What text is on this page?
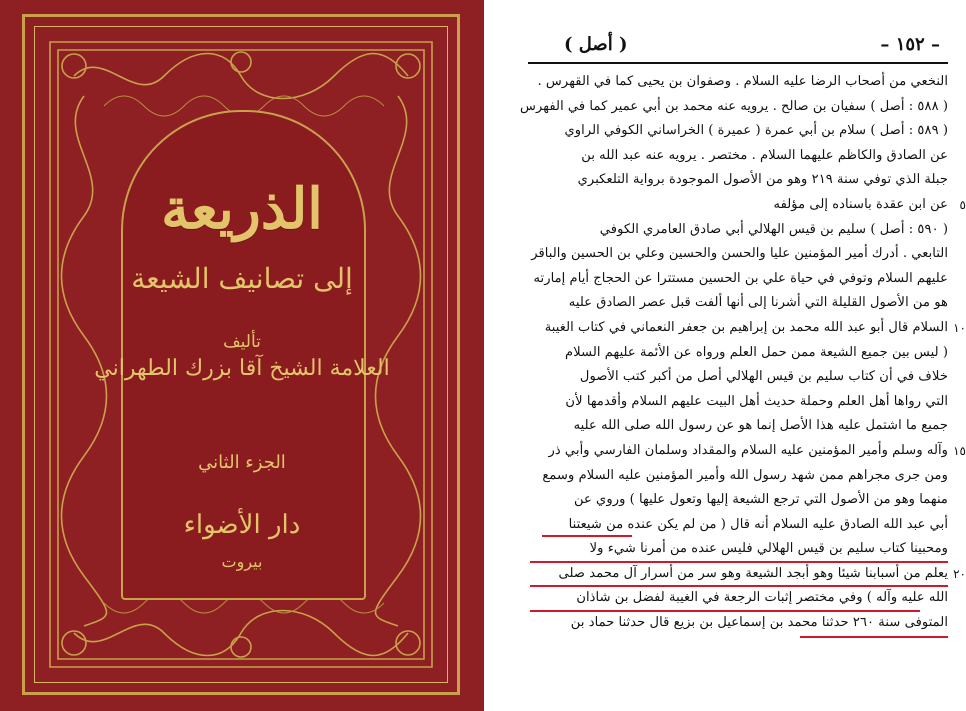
الذريعة
إلى تصانيف الشيعة
تأليف
العلامة الشيخ آقا بزرك الطهراني
الجزء الثاني
دار الأضواء
بيروت
– ١٥٢ –
( أصل )
النخعي من أصحاب الرضا عليه السلام . وصفوان بن يحيى كما في القهرس .
( ٥٨٨ : أصل ) سفيان بن صالح . يرويه عنه محمد بن أبي عمير كما في الفهرس
( ٥٨٩ : أصل ) سلام بن أبي عمرة ( عميرة ) الخراساني الكوفي الراوي
عن الصادق والكاظم عليهما السلام . مختصر . يرويه عنه عبد الله بن
جبلة الذي توفي سنة ٢١٩ وهو من الأصول الموجودة برواية التلعكبري
٥
عن ابن عقدة باسناده إلى مؤلفه
( ٥٩٠ : أصل ) سليم بن قيس الهلالي أبي صادق العامري الكوفي
التابعي . أدرك أمير المؤمنين عليا والحسن والحسين وعلي بن الحسين والباقر
عليهم السلام وتوفي في حياة علي بن الحسين مستترا عن الحجاج أيام إمارته
هو من الأصول القليلة التي أشرنا إلى أنها ألفت قبل عصر الصادق عليه
١٠
السلام قال أبو عبد الله محمد بن إبراهيم بن جعفر النعماني في كتاب الغيبة
( ليس بين جميع الشيعة ممن حمل العلم ورواه عن الأئمة عليهم السلام
خلاف في أن كتاب سليم بن قيس الهلالي أصل من أكبر كتب الأصول
التي رواها أهل العلم وحملة حديث أهل البيت عليهم السلام وأقدمها لأن
جميع ما اشتمل عليه هذا الأصل إنما هو عن رسول الله صلى الله عليه
١٥
وآله وسلم وأمير المؤمنين عليه السلام والمقداد وسلمان الفارسي وأبي ذر
ومن جرى مجراهم ممن شهد رسول الله وأمير المؤمنين عليه السلام وسمع
منهما وهو من الأصول التي ترجع الشيعة إليها وتعول عليها ) وروي عن
أبي عبد الله الصادق عليه السلام أنه قال ( من لم يكن عنده من شيعتنا
ومحبينا كتاب سليم بن قيس الهلالي فليس عنده من أمرنا شيء ولا
٢٠
يعلم من أسبابنا شيئا وهو أبجد الشيعة وهو سر من أسرار آل محمد صلى
الله عليه وآله ) وفي مختصر إثبات الرجعة في الغيبة لفضل بن شاذان
المتوفى سنة ٢٦٠ حدثنا محمد بن إسماعيل بن بزيع قال حدثنا حماد بن
